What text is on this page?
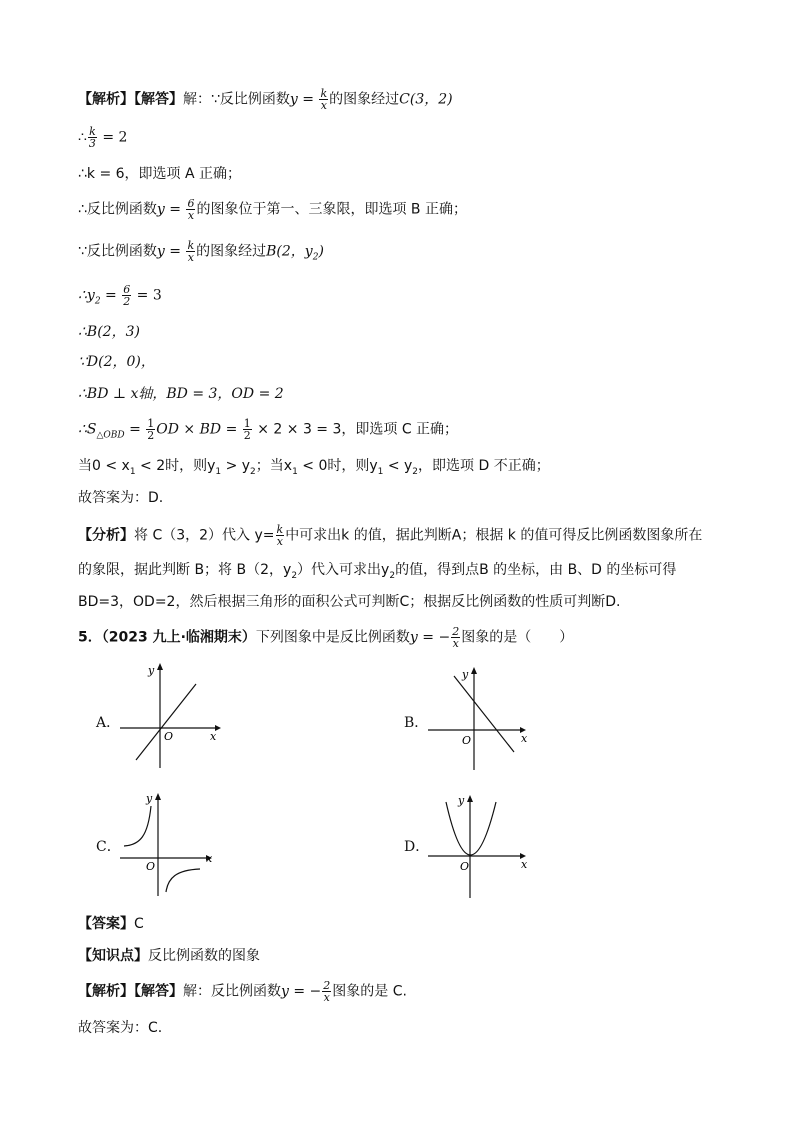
【解析】【解答】解：∵反比例函数$y = \frac{k}{x}$ 的图象经过C(3，2)
∴ $\frac{k}{3} = 2$
∴k = 6，即选项 A 正确；
∴反比例函数$y = \frac{6}{x}$ 的图象位于第一、三象限，即选项 B 正确；
∵反比例函数$y = \frac{k}{x}$ 的图象经过B(2，$y_2$)
$\therefore y_2 = \frac{6}{2} = 3$
∴B(2，3)
∵D(2，0)，
∴BD ⊥ x轴，BD = 3，OD = 2
$\therefore S_{\triangle OBD} = \frac{1}{2}$ OD × BD = $\frac{1}{2} \times 2 \times 3 = 3$，即选项 C 正确；
当$0 < x_1 < 2$时，则$y_1 > y_2$；当$x_1 < 0$时，则$y_1 < y_2$，即选项 D 不正确；
故答案为：D.
【分析】将 C（3，2）代入 $y= \frac{k}{x}$ 中可求出k 的值，据此判断A；根据 k 的值可得反比例函数图象所在
的象限，据此判断 B；将 B（2，$y_2$）代入可求出$y_2$的值，得到点B 的坐标，由 B、D 的坐标可得
BD=3，OD=2，然后根据三角形的面积公式可判断C；根据反比例函数的性质可判断D.
5．（2023 九上·临湘期末）下列图象中是反比例函数y = − $\frac{2}{x}$ 图象的是（　　）
A．
O	x
y
B．
O	x
y
C．
O
x
y
D．
O	x
y
【答案】C
【知识点】反比例函数的图象
【解析】【解答】解：反比例函数y = − $\frac{2}{x}$ 图象的是 C.
故答案为：C.
